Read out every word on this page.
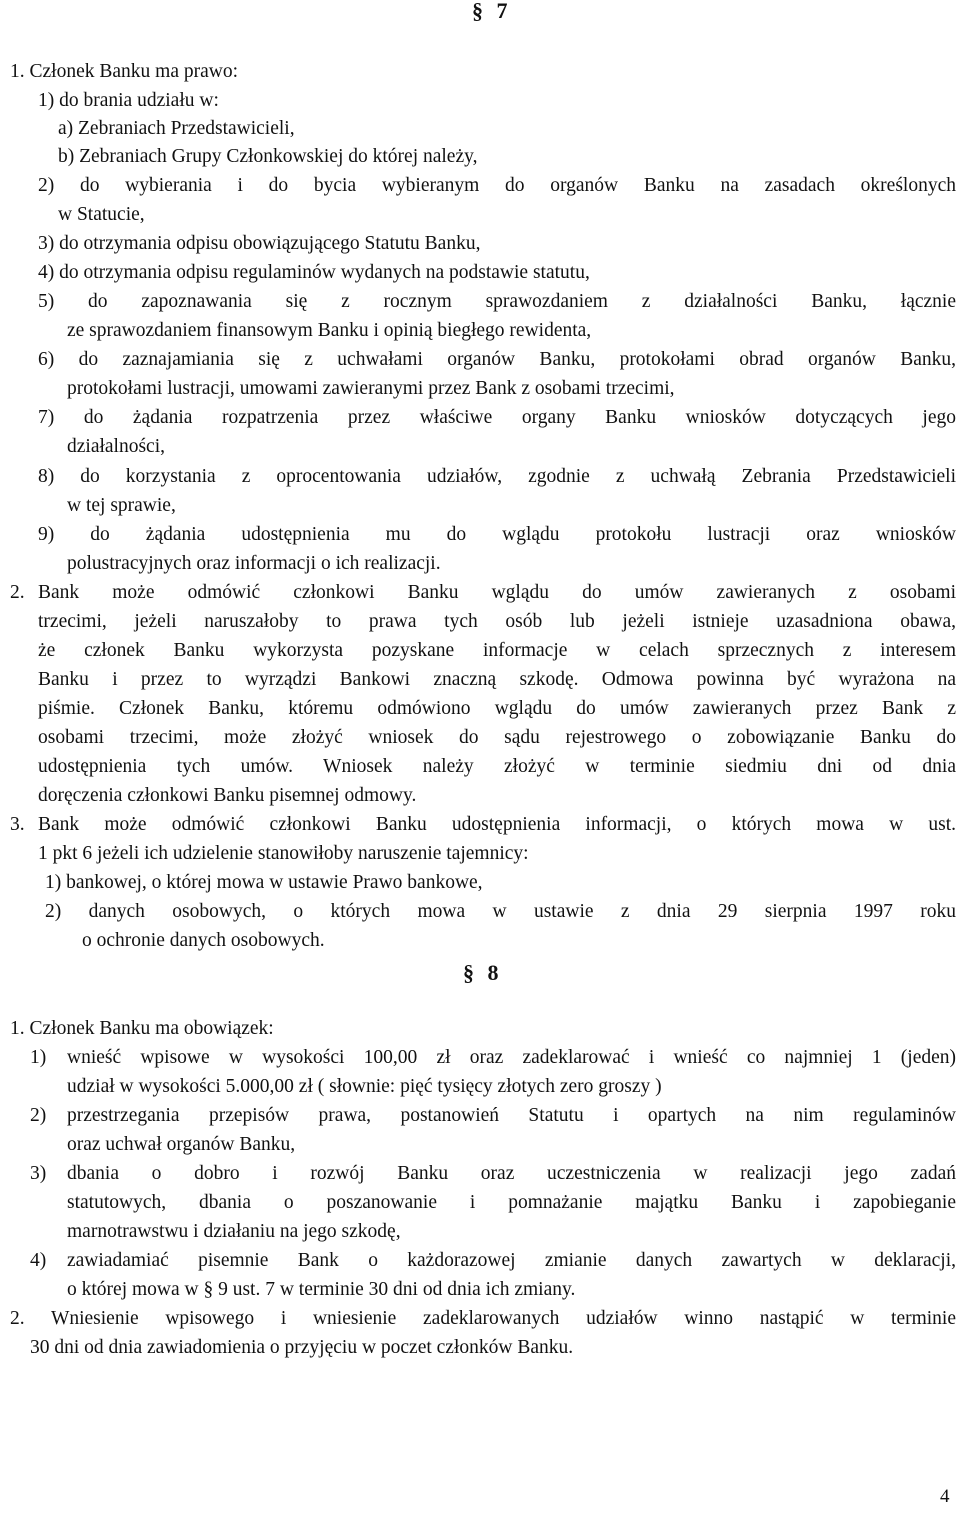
§ 7
1. Członek Banku ma prawo:
1) do brania udziału w:
a) Zebraniach Przedstawicieli,
b) Zebraniach Grupy Członkowskiej do której należy,
2) do wybierania i do bycia wybieranym do organów Banku na zasadach określonych
w Statucie,
3) do otrzymania odpisu obowiązującego Statutu Banku,
4) do otrzymania odpisu regulaminów wydanych na podstawie statutu,
5) do zapoznawania się z rocznym sprawozdaniem z działalności Banku, łącznie
ze sprawozdaniem finansowym Banku i opinią biegłego rewidenta,
6) do zaznajamiania się z uchwałami organów Banku, protokołami obrad organów Banku,
protokołami lustracji, umowami zawieranymi przez Bank z osobami trzecimi,
7) do żądania rozpatrzenia przez właściwe organy Banku wniosków dotyczących jego
działalności,
8) do korzystania z oprocentowania udziałów, zgodnie z uchwałą Zebrania Przedstawicieli
w tej sprawie,
9) do żądania udostępnienia mu do wglądu protokołu lustracji oraz wniosków
polustracyjnych oraz informacji o ich realizacji.
2. Bank może odmówić członkowi Banku wglądu do umów zawieranych z osobami
trzecimi, jeżeli naruszałoby to prawa tych osób lub jeżeli istnieje uzasadniona obawa,
że członek Banku wykorzysta pozyskane informacje w celach sprzecznych z interesem
Banku i przez to wyrządzi Bankowi znaczną szkodę. Odmowa powinna być wyrażona na
piśmie. Członek Banku, któremu odmówiono wglądu do umów zawieranych przez Bank z
osobami trzecimi, może złożyć wniosek do sądu rejestrowego o zobowiązanie Banku do
udostępnienia tych umów. Wniosek należy złożyć w terminie siedmiu dni od dnia
doręczenia członkowi Banku pisemnej odmowy.
3. Bank może odmówić członkowi Banku udostępnienia informacji, o których mowa w ust.
1 pkt 6 jeżeli ich udzielenie stanowiłoby naruszenie tajemnicy:
1) bankowej, o której mowa w ustawie Prawo bankowe,
2) danych osobowych, o których mowa w ustawie z dnia 29 sierpnia 1997 roku
o ochronie danych osobowych.
§ 8
1. Członek Banku ma obowiązek:
1) wnieść wpisowe w wysokości 100,00 zł oraz zadeklarować i wnieść co najmniej 1 (jeden)
udział w wysokości 5.000,00 zł ( słownie: pięć tysięcy złotych zero groszy )
2) przestrzegania przepisów prawa, postanowień Statutu i opartych na nim regulaminów
oraz uchwał organów Banku,
3) dbania o dobro i rozwój Banku oraz uczestniczenia w realizacji jego zadań
statutowych, dbania o poszanowanie i pomnażanie majątku Banku i zapobieganie
marnotrawstwu i działaniu na jego szkodę,
4) zawiadamiać pisemnie Bank o każdorazowej zmianie danych zawartych w deklaracji,
o której mowa w § 9 ust. 7 w terminie 30 dni od dnia ich zmiany.
2. Wniesienie wpisowego i wniesienie zadeklarowanych udziałów winno nastąpić w terminie
30 dni od dnia zawiadomienia o przyjęciu w poczet członków Banku.
4
